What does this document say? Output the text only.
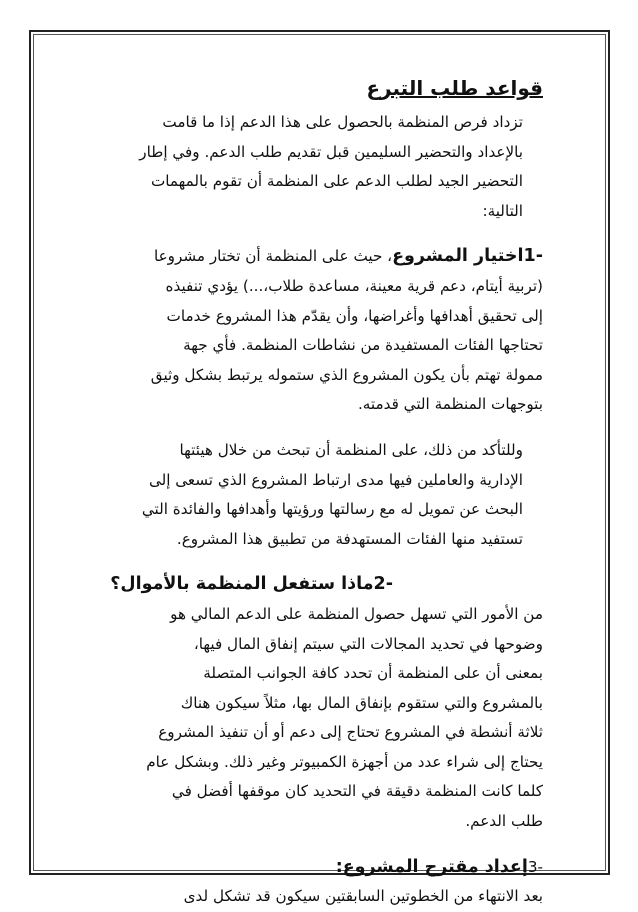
قواعد طلب التبرع
تزداد فرص المنظمة بالحصول على هذا الدعم إذا ما قامت
بالإعداد والتحضير السليمين قبل تقديم طلب الدعم. وفي إطار
التحضير الجيد لطلب الدعم على المنظمة أن تقوم بالمهمات
التالية:
-1اختيار المشروع، حيث على المنظمة أن تختار مشروعا
(تربية أيتام، دعم قرية معينة، مساعدة طلاب،...) يؤدي تنفيذه
إلى تحقيق أهدافها وأغراضها، وأن يقدّم هذا المشروع خدمات
تحتاجها الفئات المستفيدة من نشاطات المنظمة. فأي جهة
ممولة تهتم بأن يكون المشروع الذي ستموله يرتبط بشكل وثيق
بتوجهات المنظمة التي قدمته.
وللتأكد من ذلك، على المنظمة أن تبحث من خلال هيئتها
الإدارية والعاملين فيها مدى ارتباط المشروع الذي تسعى إلى
البحث عن تمويل له مع رسالتها ورؤيتها وأهدافها والفائدة التي
تستفيد منها الفئات المستهدفة من تطبيق هذا المشروع.
-2ماذا ستفعل المنظمة بالأموال؟
من الأمور التي تسهل حصول المنظمة على الدعم المالي هو
وضوحها في تحديد المجالات التي سيتم إنفاق المال فيها،
بمعنى أن على المنظمة أن تحدد كافة الجوانب المتصلة
بالمشروع والتي ستقوم بإنفاق المال بها، مثلاً سيكون هناك
ثلاثة أنشطة في المشروع تحتاج إلى دعم أو أن تنفيذ المشروع
يحتاج إلى شراء عدد من أجهزة الكمبيوتر وغير ذلك. وبشكل عام
كلما كانت المنظمة دقيقة في التحديد كان موقفها أفضل في
طلب الدعم.
-3إعداد مقترح المشروع:
بعد الانتهاء من الخطوتين السابقتين سيكون قد تشكل لدى
